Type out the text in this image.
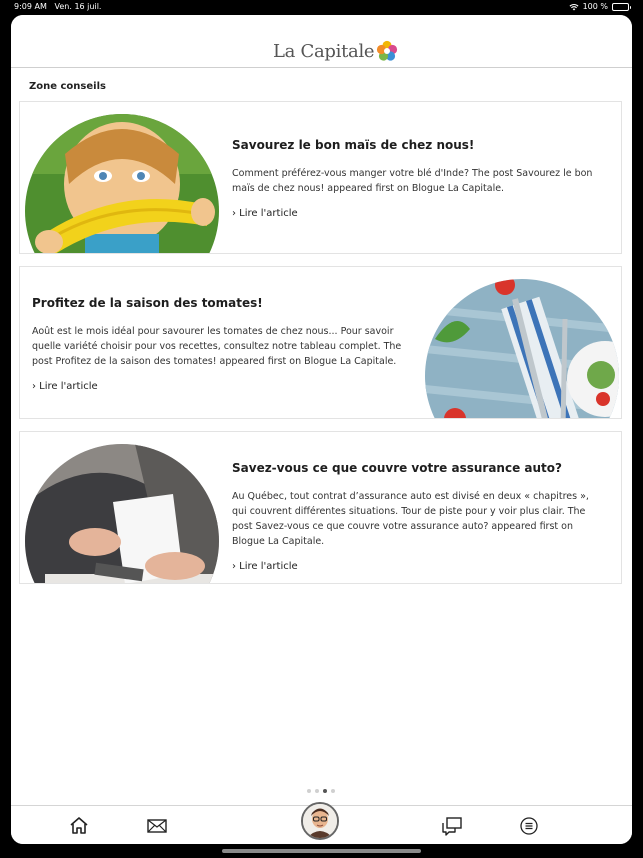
9:09 AM Ven. 16 juil.	100 %
La Capitale
Zone conseils
Savourez le bon maïs de chez nous!

Comment préférez-vous manger votre blé d'Inde? The post Savourez le bon maïs de chez nous! appeared first on Blogue La Capitale.

› Lire l'article
Profitez de la saison des tomates!

Août est le mois idéal pour savourer les tomates de chez nous... Pour savoir quelle variété choisir pour vos recettes, consultez notre tableau complet. The post Profitez de la saison des tomates! appeared first on Blogue La Capitale.

› Lire l'article
Savez-vous ce que couvre votre assurance auto?

Au Québec, tout contrat d’assurance auto est divisé en deux « chapitres », qui couvrent différentes situations. Tour de piste pour y voir plus clair. The post Savez-vous ce que couvre votre assurance auto? appeared first on Blogue La Capitale.

› Lire l'article
